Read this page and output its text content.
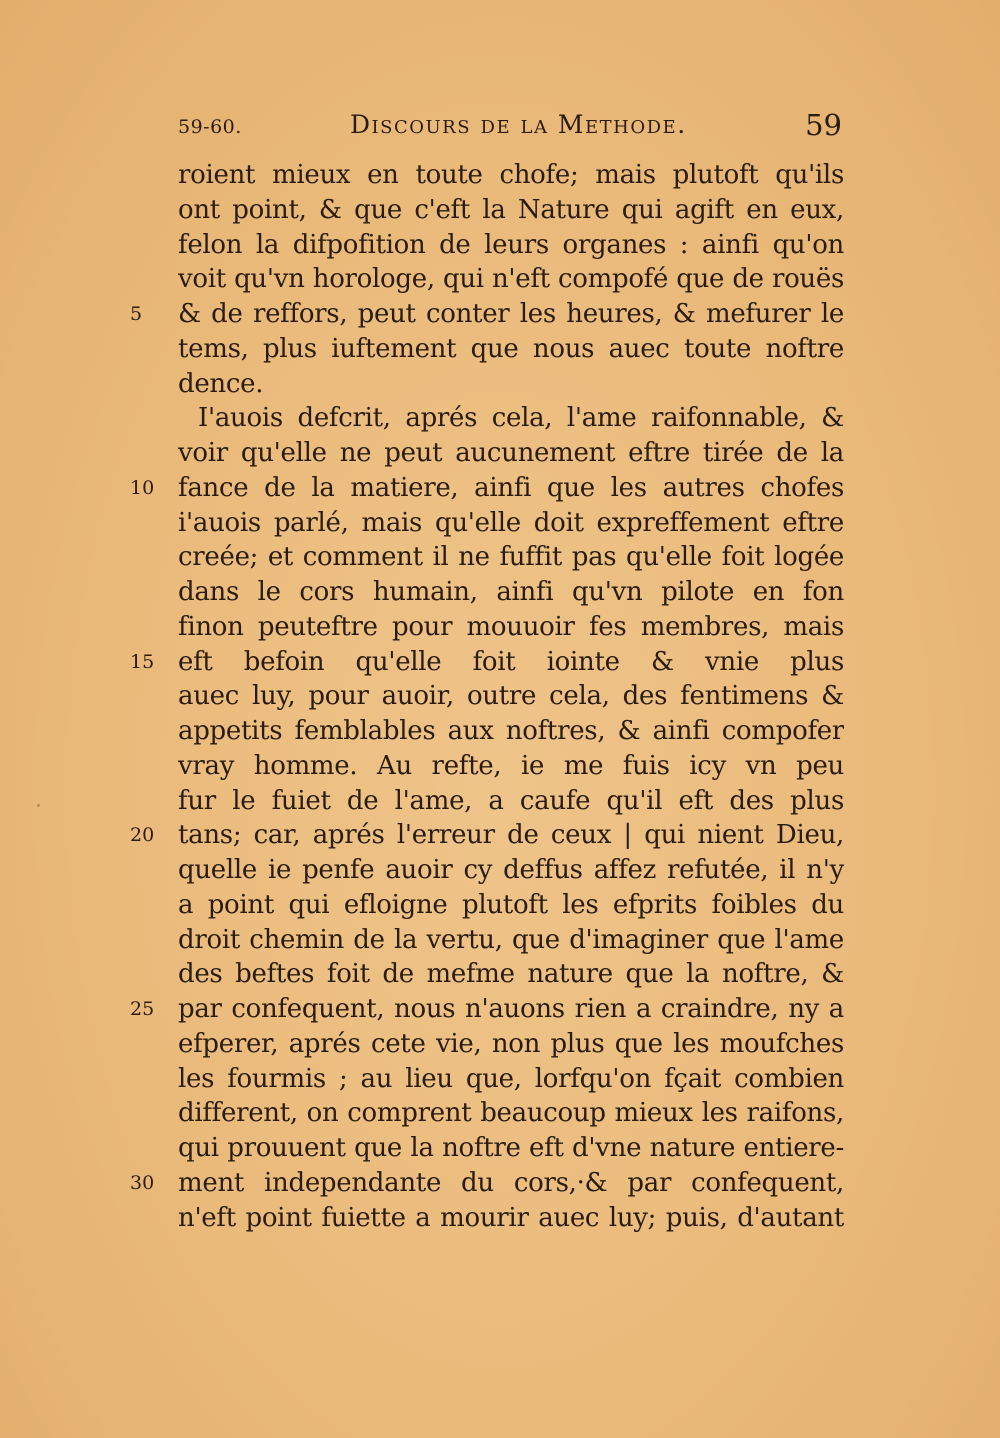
59-60.	Discours de la Methode.	59
roient mieux en toute chofe; mais plutoft qu'ils
ont point, & que c'eft la Nature qui agift en eux,
felon la difpofition de leurs organes : ainfi qu'on
voit qu'vn horologe, qui n'eft compofé que de rouës
5	& de reffors, peut conter les heures, & mefurer le
tems, plus iuftement que nous auec toute noftre
dence.
I'auois defcrit, aprés cela, l'ame raifonnable, &
voir qu'elle ne peut aucunement eftre tirée de la
10 fance de la matiere, ainfi que les autres chofes
i'auois parlé, mais qu'elle doit expreffement eftre
creée; et comment il ne fuffit pas qu'elle foit logée
dans le cors humain, ainfi qu'vn pilote en fon
finon peuteftre pour mouuoir fes membres, mais
15 eft befoin qu'elle foit iointe & vnie plus
auec luy, pour auoir, outre cela, des fentimens &
appetits femblables aux noftres, & ainfi compofer
vray homme. Au refte, ie me fuis icy vn peu
fur le fuiet de l'ame, a caufe qu'il eft des plus
20 tans; car, aprés l'erreur de ceux | qui nient Dieu,
quelle ie penfe auoir cy deffus affez refutée, il n'y
a point qui efloigne plutoft les efprits foibles du
droit chemin de la vertu, que d'imaginer que l'ame
des beftes foit de mefme nature que la noftre, &
25 par confequent, nous n'auons rien a craindre, ny a
efperer, aprés cete vie, non plus que les moufches
les fourmis ; au lieu que, lorfqu'on fçait combien
different, on comprent beaucoup mieux les raifons,
qui prouuent que la noftre eft d'vne nature entiere-
30 ment independante du cors,·& par confequent,
n'eft point fuiette a mourir auec luy; puis, d'autant
